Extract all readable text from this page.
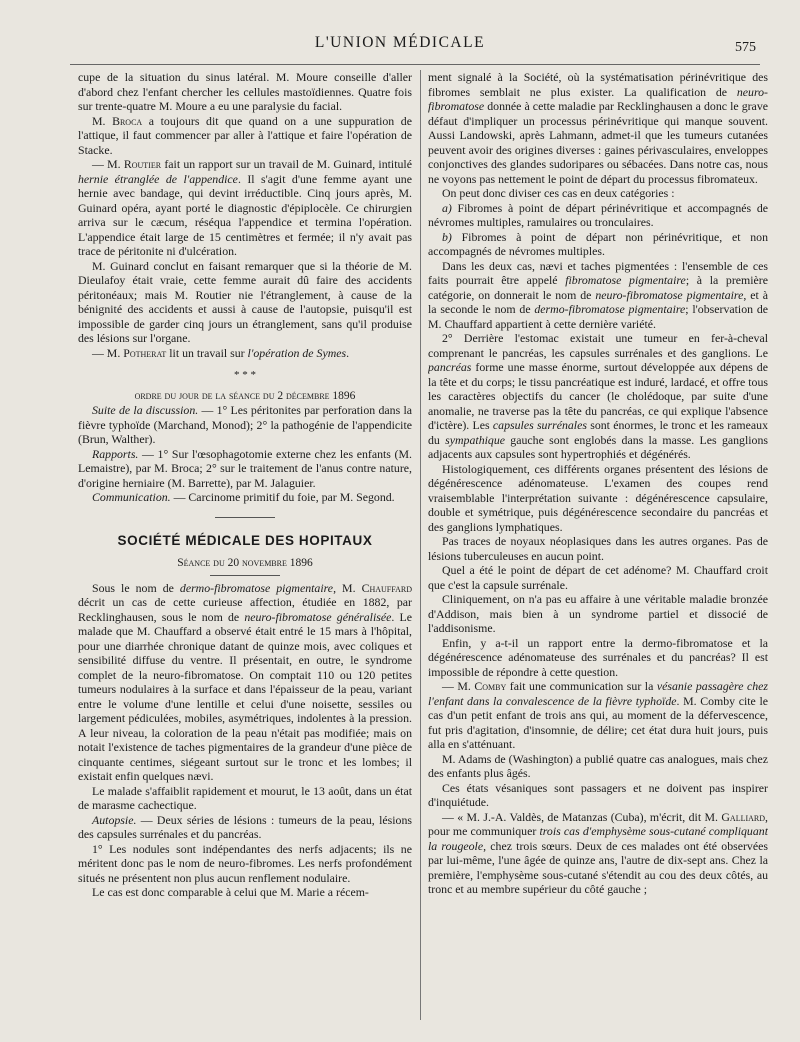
L'UNION MÉDICALE	575

cupe de la situation du sinus latéral. M. Moure conseille d'aller d'abord chez l'enfant chercher les cellules mastoïdiennes. Quatre fois sur trente-quatre M. Moure a eu une paralysie du facial.

M. Broca a toujours dit que quand on a une suppuration de l'attique, il faut commencer par aller à l'attique et faire l'opération de Stacke.

— M. Routier fait un rapport sur un travail de M. Guinard, intitulé hernie étranglée de l'appendice. Il s'agit d'une femme ayant une hernie avec bandage, qui devint irréductible. Cinq jours après, M. Guinard opéra, ayant porté le diagnostic d'épiplocèle. Ce chirurgien arriva sur le cæcum, réséqua l'appendice et termina l'opération. L'appendice était large de 15 centimètres et fermée; il n'y avait pas trace de péritonite ni d'ulcération.

M. Guinard conclut en faisant remarquer que si la théorie de M. Dieulafoy était vraie, cette femme aurait dû faire des accidents péritonéaux; mais M. Routier nie l'étranglement, à cause de la bénignité des accidents et aussi à cause de l'autopsie, puisqu'il est impossible de garder cinq jours un étranglement, sans qu'il produise des lésions sur l'organe.

— M. Potherat lit un travail sur l'opération de Symes.

* * *
ordre du jour de la séance du 2 décembre 1896

Suite de la discussion. — 1° Les péritonites par perforation dans la fièvre typhoïde (Marchand, Monod); 2° la pathogénie de l'appendicite (Brun, Walther).

Rapports. — 1° Sur l'œsophagotomie externe chez les enfants (M. Lemaistre), par M. Broca; 2° sur le traitement de l'anus contre nature, d'origine herniaire (M. Barrette), par M. Jalaguier.

Communication. — Carcinome primitif du foie, par M. Segond.

SOCIÉTÉ MÉDICALE DES HOPITAUX
Séance du 20 novembre 1896

Sous le nom de dermo-fibromatose pigmentaire, M. Chauffard décrit un cas de cette curieuse affection, étudiée en 1882, par Recklinghausen, sous le nom de neuro-fibromatose généralisée. Le malade que M. Chauffard a observé était entré le 15 mars à l'hôpital, pour une diarrhée chronique datant de quinze mois, avec coliques et sensibilité diffuse du ventre. Il présentait, en outre, le syndrome complet de la neuro-fibromatose. On comptait 110 ou 120 petites tumeurs nodulaires à la surface et dans l'épaisseur de la peau, variant entre le volume d'une lentille et celui d'une noisette, sessiles ou largement pédiculées, mobiles, asymétriques, indolentes à la pression. A leur niveau, la coloration de la peau n'était pas modifiée; mais on notait l'existence de taches pigmentaires de la grandeur d'une pièce de cinquante centimes, siégeant surtout sur le tronc et les lombes; il existait enfin quelques nævi.

Le malade s'affaiblit rapidement et mourut, le 13 août, dans un état de marasme cachectique.

Autopsie. — Deux séries de lésions : tumeurs de la peau, lésions des capsules surrénales et du pancréas.

1° Les nodules sont indépendantes des nerfs adjacents; ils ne méritent donc pas le nom de neuro-fibromes. Les nerfs profondément situés ne présentent non plus aucun renflement nodulaire.

Le cas est donc comparable à celui que M. Marie a récem-

ment signalé à la Société, où la systématisation périnévritique des fibromes semblait ne plus exister. La qualification de neuro-fibromatose donnée à cette maladie par Recklinghausen a donc le grave défaut d'impliquer un processus périnévritique qui manque souvent. Aussi Landowski, après Lahmann, admet-il que les tumeurs cutanées peuvent avoir des origines diverses : gaines périvasculaires, enveloppes conjonctives des glandes sudoripares ou sébacées. Dans notre cas, nous ne voyons pas nettement le point de départ du processus fibromateux.

On peut donc diviser ces cas en deux catégories :

a) Fibromes à point de départ périnévritique et accompagnés de névromes multiples, ramulaires ou tronculaires.

b) Fibromes à point de départ non périnévritique, et non accompagnés de névromes multiples.

Dans les deux cas, nævi et taches pigmentées : l'ensemble de ces faits pourrait être appelé fibromatose pigmentaire; à la première catégorie, on donnerait le nom de neuro-fibromatose pigmentaire, et à la seconde le nom de dermo-fibromatose pigmentaire; l'observation de M. Chauffard appartient à cette dernière variété.

2° Derrière l'estomac existait une tumeur en fer-à-cheval comprenant le pancréas, les capsules surrénales et des ganglions. Le pancréas forme une masse énorme, surtout développée aux dépens de la tête et du corps; le tissu pancréatique est induré, lardacé, et offre tous les caractères objectifs du cancer (le cholédoque, par suite d'une anomalie, ne traverse pas la tête du pancréas, ce qui explique l'absence d'ictère). Les capsules surrénales sont énormes, le tronc et les rameaux du sympathique gauche sont englobés dans la masse. Les ganglions adjacents aux capsules sont hypertrophiés et dégénérés.

Histologiquement, ces différents organes présentent des lésions de dégénérescence adénomateuse. L'examen des coupes rend vraisemblable l'interprétation suivante : dégénérescence capsulaire, double et symétrique, puis dégénérescence secondaire du pancréas et des ganglions lymphatiques.

Pas traces de noyaux néoplasiques dans les autres organes. Pas de lésions tuberculeuses en aucun point.

Quel a été le point de départ de cet adénome? M. Chauffard croit que c'est la capsule surrénale.

Cliniquement, on n'a pas eu affaire à une véritable maladie bronzée d'Addison, mais bien à un syndrome partiel et dissocié de l'addisonisme.

Enfin, y a-t-il un rapport entre la dermo-fibromatose et la dégénérescence adénomateuse des surrénales et du pancréas? Il est impossible de répondre à cette question.

— M. Comby fait une communication sur la vésanie passagère chez l'enfant dans la convalescence de la fièvre typhoïde. M. Comby cite le cas d'un petit enfant de trois ans qui, au moment de la défervescence, fut pris d'agitation, d'insomnie, de délire; cet état dura huit jours, puis alla en s'atténuant.

M. Adams de (Washington) a publié quatre cas analogues, mais chez des enfants plus âgés.

Ces états vésaniques sont passagers et ne doivent pas inspirer d'inquiétude.

— « M. J.-A. Valdès, de Matanzas (Cuba), m'écrit, dit M. Galliard, pour me communiquer trois cas d'emphysème sous-cutané compliquant la rougeole, chez trois sœurs. Deux de ces malades ont été observées par lui-même, l'une âgée de quinze ans, l'autre de dix-sept ans. Chez la première, l'emphysème sous-cutané s'étendit au cou des deux côtés, au tronc et au membre supérieur du côté gauche ;
